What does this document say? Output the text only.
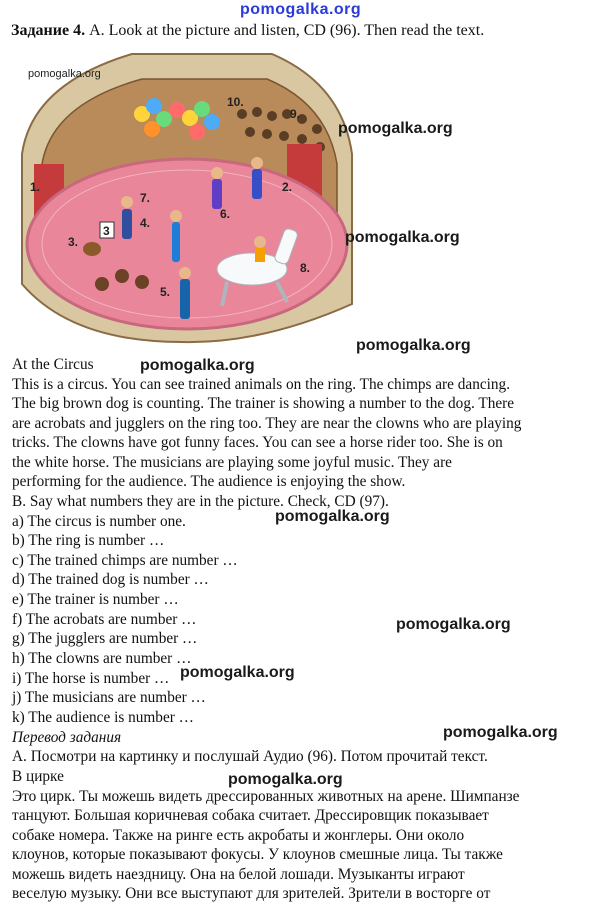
pomogalka.org
Задание 4. A. Look at the picture and listen, CD (96). Then read the text.
3
1.	2.
3.
4.
5.
6.
7.
8.
9.
10.
pomogalka.org
pomogalka.org
pomogalka.org
pomogalka.org
pomogalka.org
pomogalka.org
pomogalka.org
pomogalka.org
pomogalka.org
pomogalka.org
At the Circus
This is a circus. You can see trained animals on the ring. The chimps are dancing.
The big brown dog is counting. The trainer is showing a number to the dog. There
are acrobats and jugglers on the ring too. They are near the clowns who are playing
tricks. The clowns have got funny faces. You can see a horse rider too. She is on
the white horse. The musicians are playing some joyful music. They are
performing for the audience. The audience is enjoying the show.
B. Say what numbers they are in the picture. Check, CD (97).
a) The circus is number one.
b) The ring is number …
c) The trained chimps are number …
d) The trained dog is number …
e) The trainer is number …
f) The acrobats are number …
g) The jugglers are number …
h) The clowns are number …
i) The horse is number …
j) The musicians are number …
k) The audience is number …
Перевод задания
А. Посмотри на картинку и послушай Аудио (96). Потом прочитай текст.
В цирке
Это цирк. Ты можешь видеть дрессированных животных на арене. Шимпанзе
танцуют. Большая коричневая собака считает. Дрессировщик показывает
собаке номера. Также на ринге есть акробаты и жонглеры. Они около
клоунов, которые показывают фокусы. У клоунов смешные лица. Ты также
можешь видеть наездницу. Она на белой лошади. Музыканты играют
веселую музыку. Они все выступают для зрителей. Зрители в восторге от
